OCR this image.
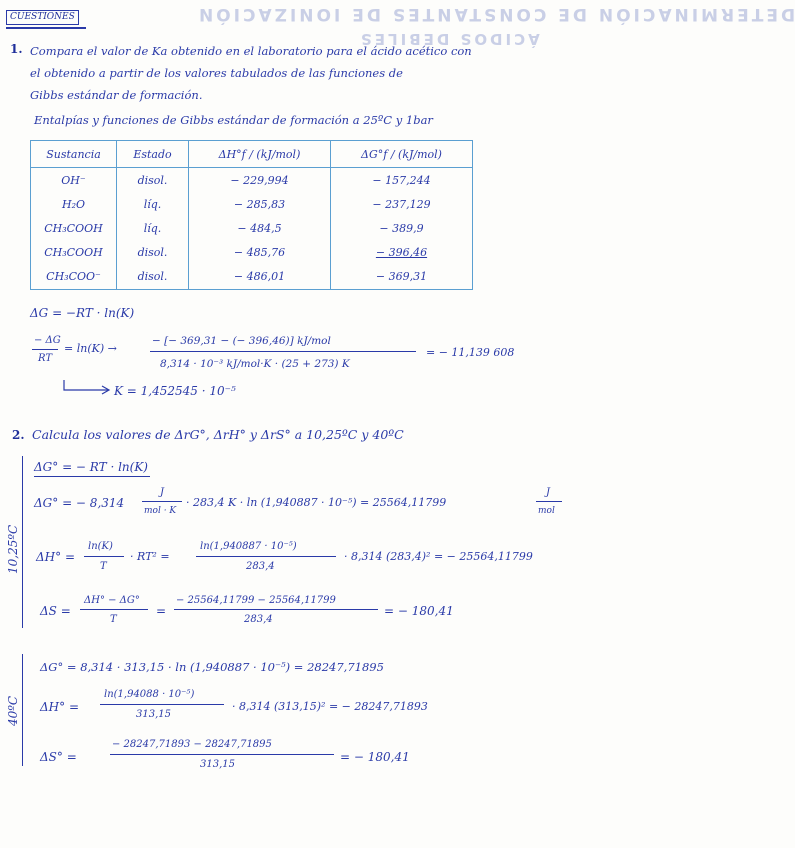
CUESTIONES	DETERMINACIÓN DE CONSTANTES DE IONIZACIÓN
ÁCIDOS DÉBILES
1. Compara el valor de Ka obtenido en el laboratorio para el ácido acético con
el obtenido a partir de los valores tabulados de las funciones de
Gibbs estándar de formación.
Entalpías y funciones de Gibbs estándar de formación a 25ºC y 1bar
Sustancia	Estado	ΔH°f / (kJ/mol)	ΔG°f / (kJ/mol)
OH⁻	disol.	− 229,994	− 157,244
H₂O	líq.	− 285,83	− 237,129
CH₃COOH	líq.	− 484,5	− 389,9
CH₃COOH	disol.	− 485,76	− 396,46
CH₃COO⁻	disol.	− 486,01	− 369,31
ΔG = −RT · ln(K)
− ΔG
RT
= ln(K) →
− [− 369,31 − (− 396,46)] kJ/mol
8,314 · 10⁻³ kJ/mol·K · (25 + 273) K
= − 11,139 608
K = 1,452545 · 10⁻⁵
2. Calcula los valores de ΔrG°, ΔrH° y ΔrS° a 10,25ºC y 40ºC
10,25ºC
ΔG° = − RT · ln(K)
ΔG° = − 8,314
J
mol · K
· 283,4 K · ln (1,940887 · 10⁻⁵) = 25564,11799
J
mol
ΔH° =
ln(K)
T
· RT² =
ln(1,940887 · 10⁻⁵)
283,4
· 8,314 (283,4)² = − 25564,11799
ΔS =
ΔH° − ΔG°
T
=
− 25564,11799 − 25564,11799
283,4
= − 180,41
40ºC
ΔG° = 8,314 · 313,15 · ln (1,940887 · 10⁻⁵) = 28247,71895
ΔH° =
ln(1,94088 · 10⁻⁵)
313,15
· 8,314 (313,15)² = − 28247,71893
ΔS° =
− 28247,71893 − 28247,71895
313,15
= − 180,41
